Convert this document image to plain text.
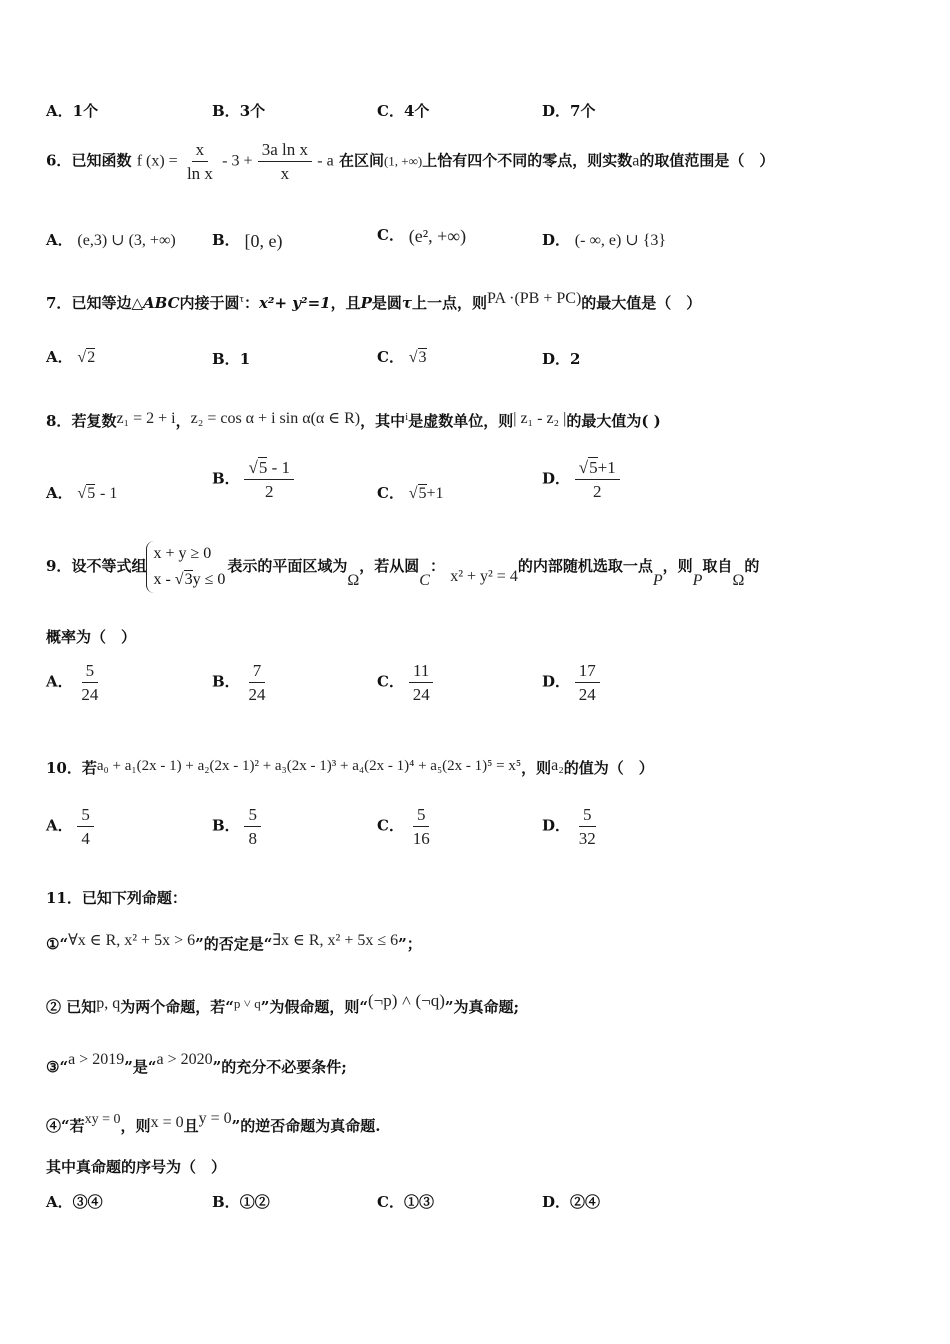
A．1个	B．3个	C．4个	D．7个
6．已知函数 f $(x) = \frac{x}{\text{ln x}} - 3 + \frac{\text{3a ln x}}{x} - a$ 在区间(1, +∞)上恰有四个不同的零点，则实数a的取值范围是（　）
A． (e,3) ∪ (3, +∞) B． [0, e)	C． (e², +∞)	D． (- ∞, e) ∪ {3}
7．已知等边△ABC内接于圆$^\tau$：x²+ y²=1，且P是圆τ上一点，则PA ·(PB + PC)的最大值是（　）
A． √2	B．1	C． √3	D．2
8．若复数z₁ = 2 + i，z₂ = cos α + i sin α(α ∈ R)，其中$^i$是虚数单位，则| z₁ - z₂ |的最大值为( )
A． √5 - 1
B． $\frac{√5 - 1}{2}$	C． √5+1
D． $\frac{√5+1}{2}$
9．设不等式组x + y ≥ 0
x - √3y ≤ 0表示的平面区域为Ω，若从圆C： x² + y² = 4的内部随机选取一点P，则P取自Ω的
概率为（　）
A． $\frac{5}{24}$	B． $\frac{7}{24}$	C． $\frac{11}{24}$	D． $\frac{17}{24}$
10．若a₀ + a₁(2x - 1) + a₂(2x - 1)² + a₃(2x - 1)³ + a₄(2x - 1)⁴ + a₅(2x - 1)⁵ = x⁵，则a₂的值为（　）
A． $\frac{5}{4}$	B． $\frac{5}{8}$	C． $\frac{5}{16}$	D． $\frac{5}{32}$
11．已知下列命题：
①“∀x ∈ R, x² + 5x > 6”的否定是“∃x ∈ R, x² + 5x ≤ 6”；
② 已知p, q为两个命题，若“p ˅ q”为假命题，则“(¬p) ˄ (¬q)”为真命题;
③“a > 2019”是“a > 2020”的充分不必要条件;
④“若xy = 0，则x = 0且y = 0”的逆否命题为真命题.
其中真命题的序号为（　）
A．③④	B．①②	C．①③	D．②④
